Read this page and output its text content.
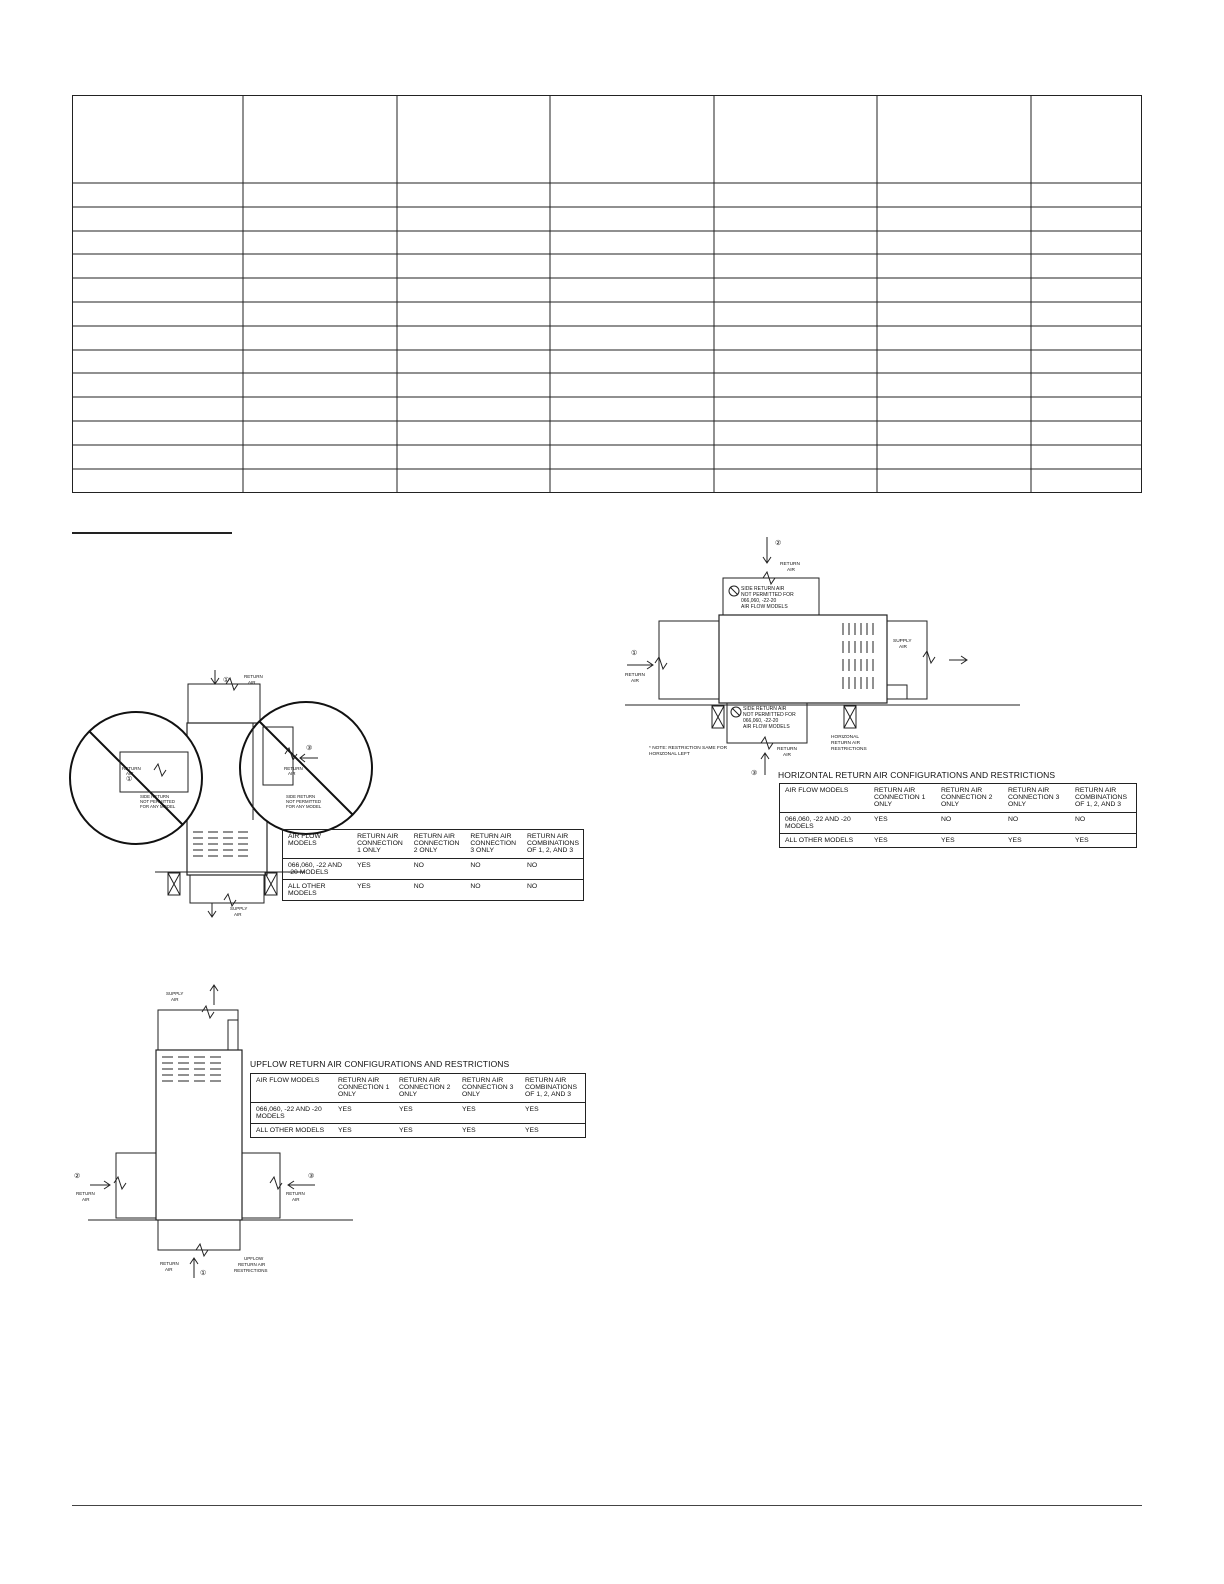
①
RETURN
AIR
SUPPLY
AIR
①
RETURN
AIR
SIDE RETURN
NOT PERMITTED
FOR ANY MODEL
③
RETURN
AIR
SIDE RETURN
NOT PERMITTED
FOR ANY MODEL
AIR FLOW MODELS	RETURN AIR CONNECTION 1 ONLY	RETURN AIR CONNECTION 2 ONLY	RETURN AIR CONNECTION 3 ONLY	RETURN AIR COMBINATIONS OF 1, 2, AND 3
066,060, -22 AND -20 MODELS	YES	NO	NO	NO
ALL OTHER MODELS	YES	NO	NO	NO
SUPPLY
AIR
②
RETURN
AIR
③
RETURN
AIR
①
RETURN
AIR
UPFLOW
RETURN AIR
RESTRICTIONS
UPFLOW RETURN AIR CONFIGURATIONS AND RESTRICTIONS
AIR FLOW MODELS	RETURN AIR CONNECTION 1 ONLY	RETURN AIR CONNECTION 2 ONLY	RETURN AIR CONNECTION 3 ONLY	RETURN AIR COMBINATIONS OF 1, 2, AND 3
066,060, -22 AND -20 MODELS	YES	YES	YES	YES
ALL OTHER MODELS	YES	YES	YES	YES
②
RETURN
AIR
SIDE RETURN AIR
NOT PERMITTED FOR
066,060, -22-20
AIR FLOW MODELS
①
RETURN
AIR
SUPPLY
AIR
SIDE RETURN AIR
NOT PERMITTED FOR
066,060, -22-20
AIR FLOW MODELS
③
RETURN
AIR
* NOTE: RESTRICTION SAME FOR
HORIZONAL LEFT
HORIZONAL
RETURN AIR
RESTRICTIONS
HORIZONTAL RETURN AIR CONFIGURATIONS AND RESTRICTIONS
AIR FLOW MODELS	RETURN AIR CONNECTION 1 ONLY	RETURN AIR CONNECTION 2 ONLY	RETURN AIR CONNECTION 3 ONLY	RETURN AIR COMBINATIONS OF 1, 2, AND 3
066,060, -22 AND -20 MODELS	YES	NO	NO	NO
ALL OTHER MODELS	YES	YES	YES	YES
